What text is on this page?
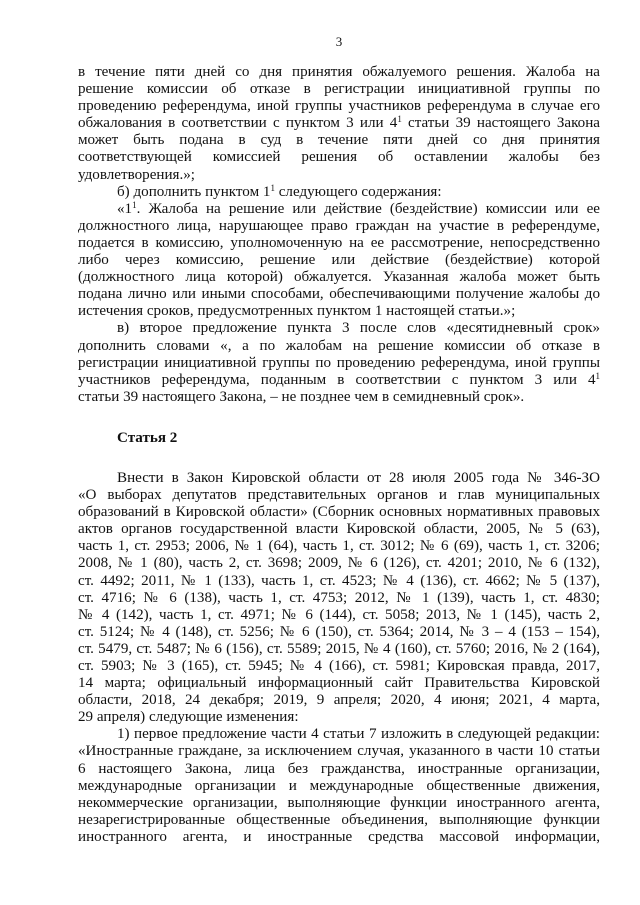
3
в течение пяти дней со дня принятия обжалуемого решения. Жалоба на
решение комиссии об отказе в регистрации инициативной группы по
проведению референдума, иной группы участников референдума в случае его
обжалования в соответствии с пунктом 3 или $4^1$ статьи 39 настоящего Закона
может быть подана в суд в течение пяти дней со дня принятия
соответствующей комиссией решения об оставлении жалобы без
удовлетворения.»;
б) дополнить пунктом $1^1$ следующего содержания:
«$1^1$. Жалоба на решение или действие (бездействие) комиссии или ее
должностного лица, нарушающее право граждан на участие в референдуме,
подается в комиссию, уполномоченную на ее рассмотрение, непосредственно
либо через комиссию, решение или действие (бездействие) которой
(должностного лица которой) обжалуется. Указанная жалоба может быть
подана лично или иными способами, обеспечивающими получение жалобы до
истечения сроков, предусмотренных пунктом 1 настоящей статьи.»;
в) второе предложение пункта 3 после слов «десятидневный срок»
дополнить словами «, а по жалобам на решение комиссии об отказе в
регистрации инициативной группы по проведению референдума, иной группы
участников референдума, поданным в соответствии с пунктом 3 или $4^1$
статьи 39 настоящего Закона, – не позднее чем в семидневный срок».
Статья 2
Внести в Закон Кировской области от 28 июля 2005 года № 346-ЗО
«О выборах депутатов представительных органов и глав муниципальных
образований в Кировской области» (Сборник основных нормативных правовых
актов органов государственной власти Кировской области, 2005, № 5 (63),
часть 1, ст. 2953; 2006, № 1 (64), часть 1, ст. 3012; № 6 (69), часть 1, ст. 3206;
2008, № 1 (80), часть 2, ст. 3698; 2009, № 6 (126), ст. 4201; 2010, № 6 (132),
ст. 4492; 2011, № 1 (133), часть 1, ст. 4523; № 4 (136), ст. 4662; № 5 (137),
ст. 4716; № 6 (138), часть 1, ст. 4753; 2012, № 1 (139), часть 1, ст. 4830;
№ 4 (142), часть 1, ст. 4971; № 6 (144), ст. 5058; 2013, № 1 (145), часть 2,
ст. 5124; № 4 (148), ст. 5256; № 6 (150), ст. 5364; 2014, № 3 – 4 (153 – 154),
ст. 5479, ст. 5487; № 6 (156), ст. 5589; 2015, № 4 (160), ст. 5760; 2016, № 2 (164),
ст. 5903; № 3 (165), ст. 5945; № 4 (166), ст. 5981; Кировская правда, 2017,
14 марта; официальный информационный сайт Правительства Кировской
области, 2018, 24 декабря; 2019, 9 апреля; 2020, 4 июня; 2021, 4 марта,
29 апреля) следующие изменения:
1) первое предложение части 4 статьи 7 изложить в следующей редакции:
«Иностранные граждане, за исключением случая, указанного в части 10 статьи
6 настоящего Закона, лица без гражданства, иностранные организации,
международные организации и международные общественные движения,
некоммерческие организации, выполняющие функции иностранного агента,
незарегистрированные общественные объединения, выполняющие функции
иностранного агента, и иностранные средства массовой информации,
